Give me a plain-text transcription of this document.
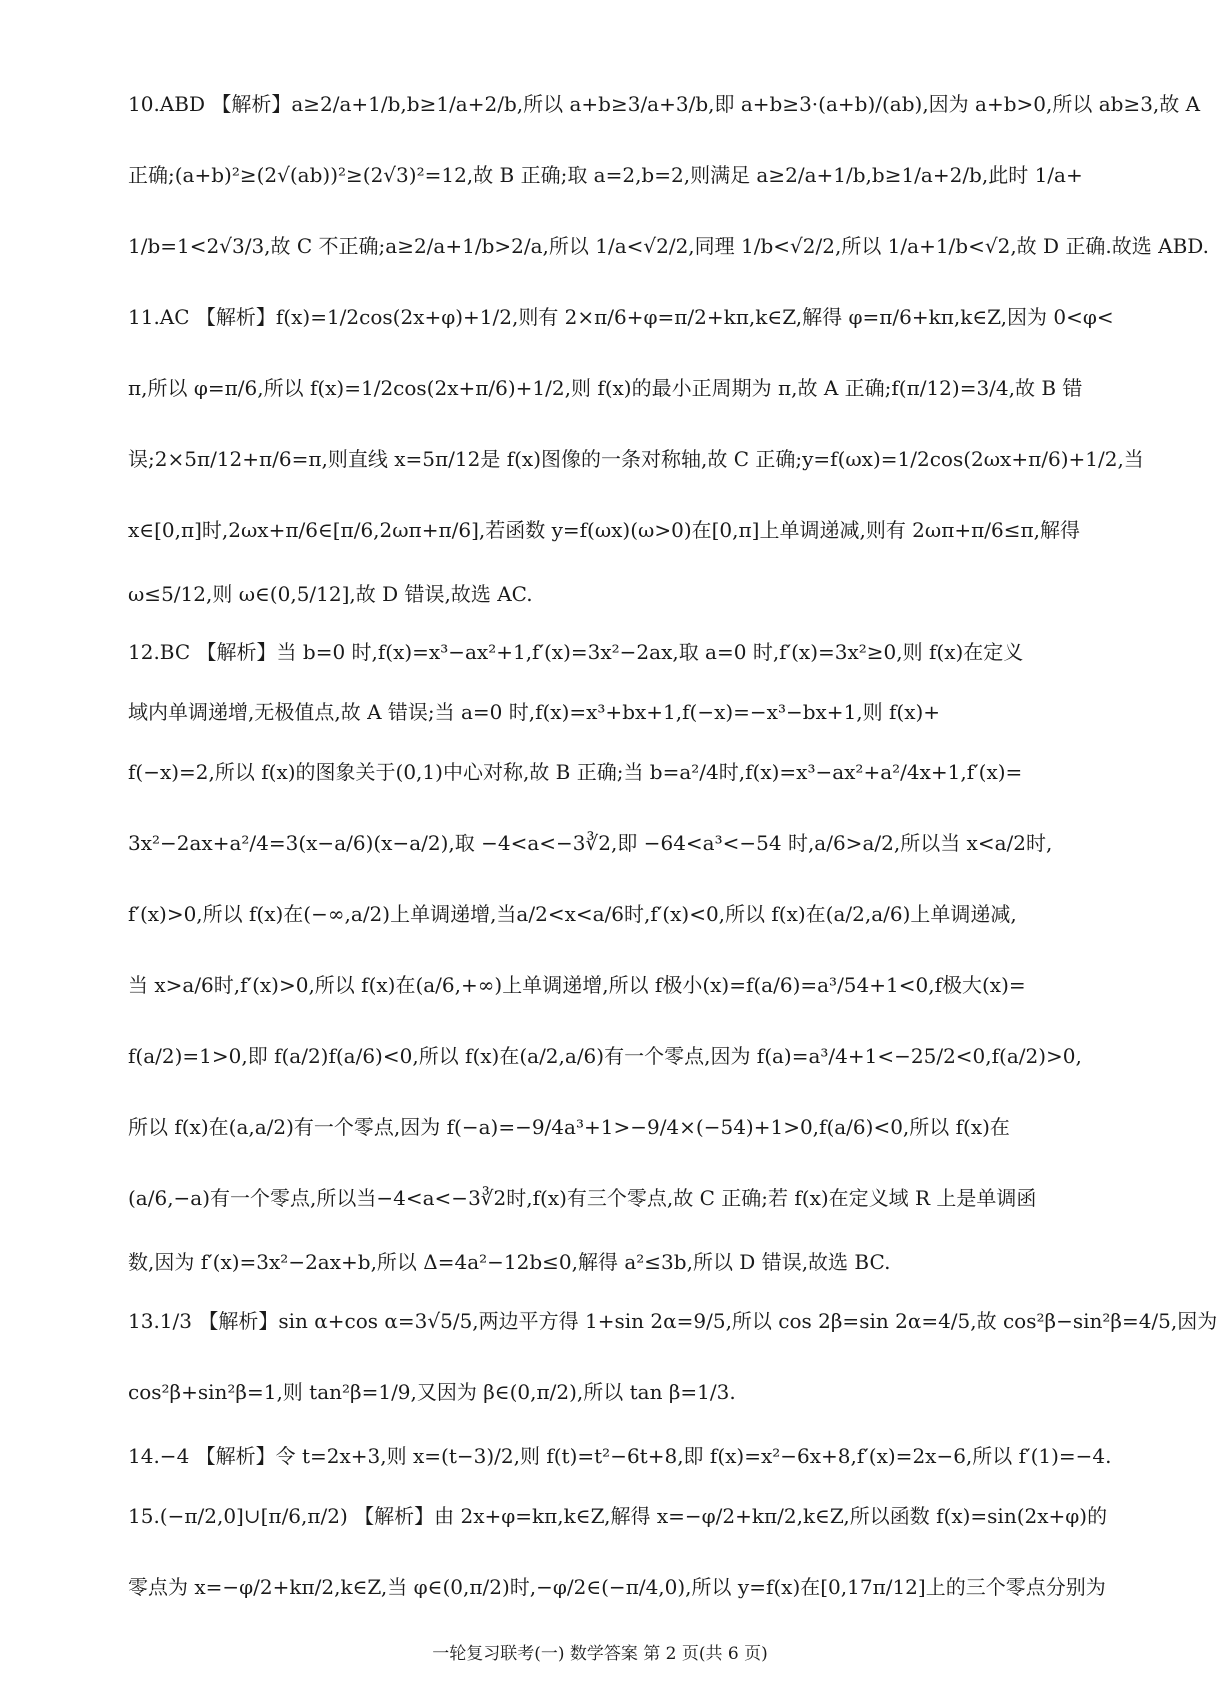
10.ABD 【解析】a≥2/a+1/b,b≥1/a+2/b,所以 a+b≥3/a+3/b,即 a+b≥3·(a+b)/(ab),因为 a+b>0,所以 ab≥3,故 A
正确;(a+b)²≥(2√(ab))²≥(2√3)²=12,故 B 正确;取 a=2,b=2,则满足 a≥2/a+1/b,b≥1/a+2/b,此时 1/a+
1/b=1<2√3/3,故 C 不正确;a≥2/a+1/b>2/a,所以 1/a<√2/2,同理 1/b<√2/2,所以 1/a+1/b<√2,故 D 正确.故选 ABD.
11.AC 【解析】f(x)=1/2cos(2x+φ)+1/2,则有 2×π/6+φ=π/2+kπ,k∈Z,解得 φ=π/6+kπ,k∈Z,因为 0<φ<
π,所以 φ=π/6,所以 f(x)=1/2cos(2x+π/6)+1/2,则 f(x)的最小正周期为 π,故 A 正确;f(π/12)=3/4,故 B 错
误;2×5π/12+π/6=π,则直线 x=5π/12是 f(x)图像的一条对称轴,故 C 正确;y=f(ωx)=1/2cos(2ωx+π/6)+1/2,当
x∈[0,π]时,2ωx+π/6∈[π/6,2ωπ+π/6],若函数 y=f(ωx)(ω>0)在[0,π]上单调递减,则有 2ωπ+π/6≤π,解得
ω≤5/12,则 ω∈(0,5/12],故 D 错误,故选 AC.
12.BC 【解析】当 b=0 时,f(x)=x³−ax²+1,f′(x)=3x²−2ax,取 a=0 时,f′(x)=3x²≥0,则 f(x)在定义
域内单调递增,无极值点,故 A 错误;当 a=0 时,f(x)=x³+bx+1,f(−x)=−x³−bx+1,则 f(x)+
f(−x)=2,所以 f(x)的图象关于(0,1)中心对称,故 B 正确;当 b=a²/4时,f(x)=x³−ax²+a²/4x+1,f′(x)=
3x²−2ax+a²/4=3(x−a/6)(x−a/2),取 −4<a<−3∛2,即 −64<a³<−54 时,a/6>a/2,所以当 x<a/2时,
f′(x)>0,所以 f(x)在(−∞,a/2)上单调递增,当a/2<x<a/6时,f′(x)<0,所以 f(x)在(a/2,a/6)上单调递减,
当 x>a/6时,f′(x)>0,所以 f(x)在(a/6,+∞)上单调递增,所以 f极小(x)=f(a/6)=a³/54+1<0,f极大(x)=
f(a/2)=1>0,即 f(a/2)f(a/6)<0,所以 f(x)在(a/2,a/6)有一个零点,因为 f(a)=a³/4+1<−25/2<0,f(a/2)>0,
所以 f(x)在(a,a/2)有一个零点,因为 f(−a)=−9/4a³+1>−9/4×(−54)+1>0,f(a/6)<0,所以 f(x)在
(a/6,−a)有一个零点,所以当−4<a<−3∛2时,f(x)有三个零点,故 C 正确;若 f(x)在定义域 R 上是单调函
数,因为 f′(x)=3x²−2ax+b,所以 Δ=4a²−12b≤0,解得 a²≤3b,所以 D 错误,故选 BC.
13.1/3 【解析】sin α+cos α=3√5/5,两边平方得 1+sin 2α=9/5,所以 cos 2β=sin 2α=4/5,故 cos²β−sin²β=4/5,因为
cos²β+sin²β=1,则 tan²β=1/9,又因为 β∈(0,π/2),所以 tan β=1/3.
14.−4 【解析】令 t=2x+3,则 x=(t−3)/2,则 f(t)=t²−6t+8,即 f(x)=x²−6x+8,f′(x)=2x−6,所以 f′(1)=−4.
15.(−π/2,0]∪[π/6,π/2) 【解析】由 2x+φ=kπ,k∈Z,解得 x=−φ/2+kπ/2,k∈Z,所以函数 f(x)=sin(2x+φ)的
零点为 x=−φ/2+kπ/2,k∈Z,当 φ∈(0,π/2)时,−φ/2∈(−π/4,0),所以 y=f(x)在[0,17π/12]上的三个零点分别为
一轮复习联考(一) 数学答案 第 2 页(共 6 页)
